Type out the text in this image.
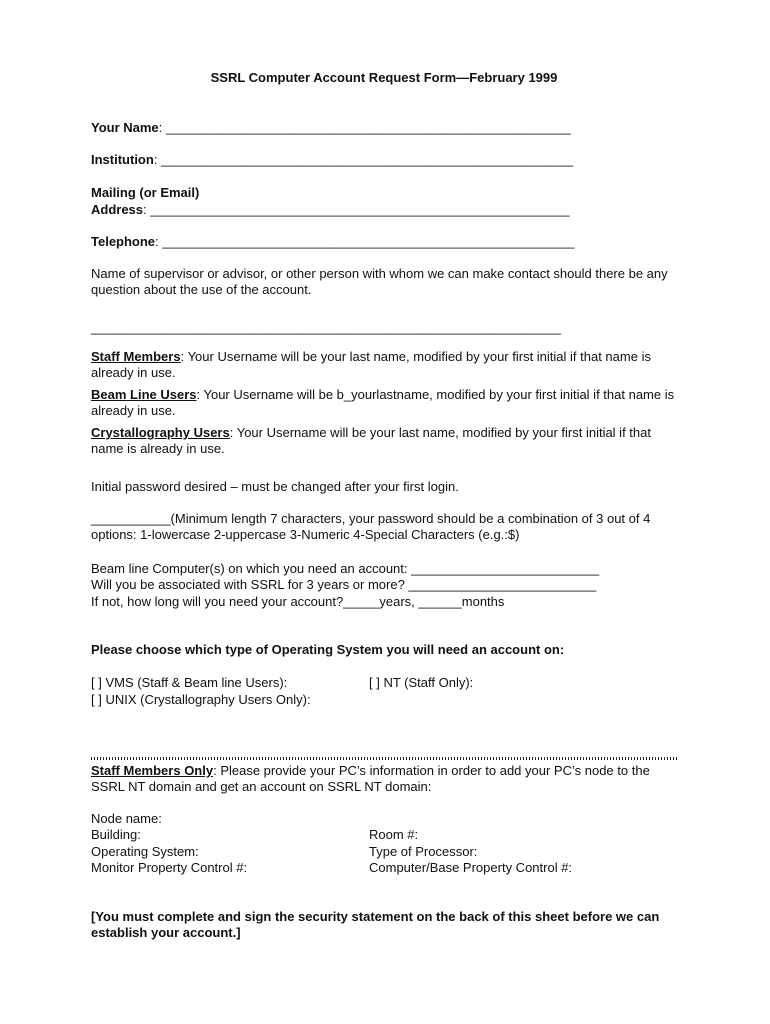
SSRL Computer Account Request Form—February 1999
Your Name: ________________________________________________________
Institution: _________________________________________________________
Mailing (or Email)
Address: __________________________________________________________
Telephone: _________________________________________________________
Name of supervisor or advisor, or other person with whom we can make contact should there be any question about the use of the account.
_________________________________________________________________
Staff Members: Your Username will be your last name, modified by your first initial if that name is already in use.
Beam Line Users: Your Username will be b_yourlastname, modified by your first initial if that name is already in use.
Crystallography Users: Your Username will be your last name, modified by your first initial if that name is already in use.
Initial password desired – must be changed after your first login.
___________(Minimum length 7 characters, your password should be a combination of 3 out of 4 options: 1-lowercase 2-uppercase 3-Numeric 4-Special Characters (e.g.:$)
Beam line Computer(s) on which you need an account: __________________________
Will you be associated with SSRL for 3 years or more? __________________________
If not, how long will you need your account?_____years, ______months
Please choose which type of Operating System you will need an account on:
[ ] VMS (Staff & Beam line Users):	[ ] NT (Staff Only):
[ ] UNIX (Crystallography Users Only):
Staff Members Only: Please provide your PC’s information in order to add your PC’s node to the SSRL NT domain and get an account on SSRL NT domain:
Node name:
Building:	Room #:
Operating System:	Type of Processor:
Monitor Property Control #:	Computer/Base Property Control #:
[You must complete and sign the security statement on the back of this sheet before we can establish your account.]
